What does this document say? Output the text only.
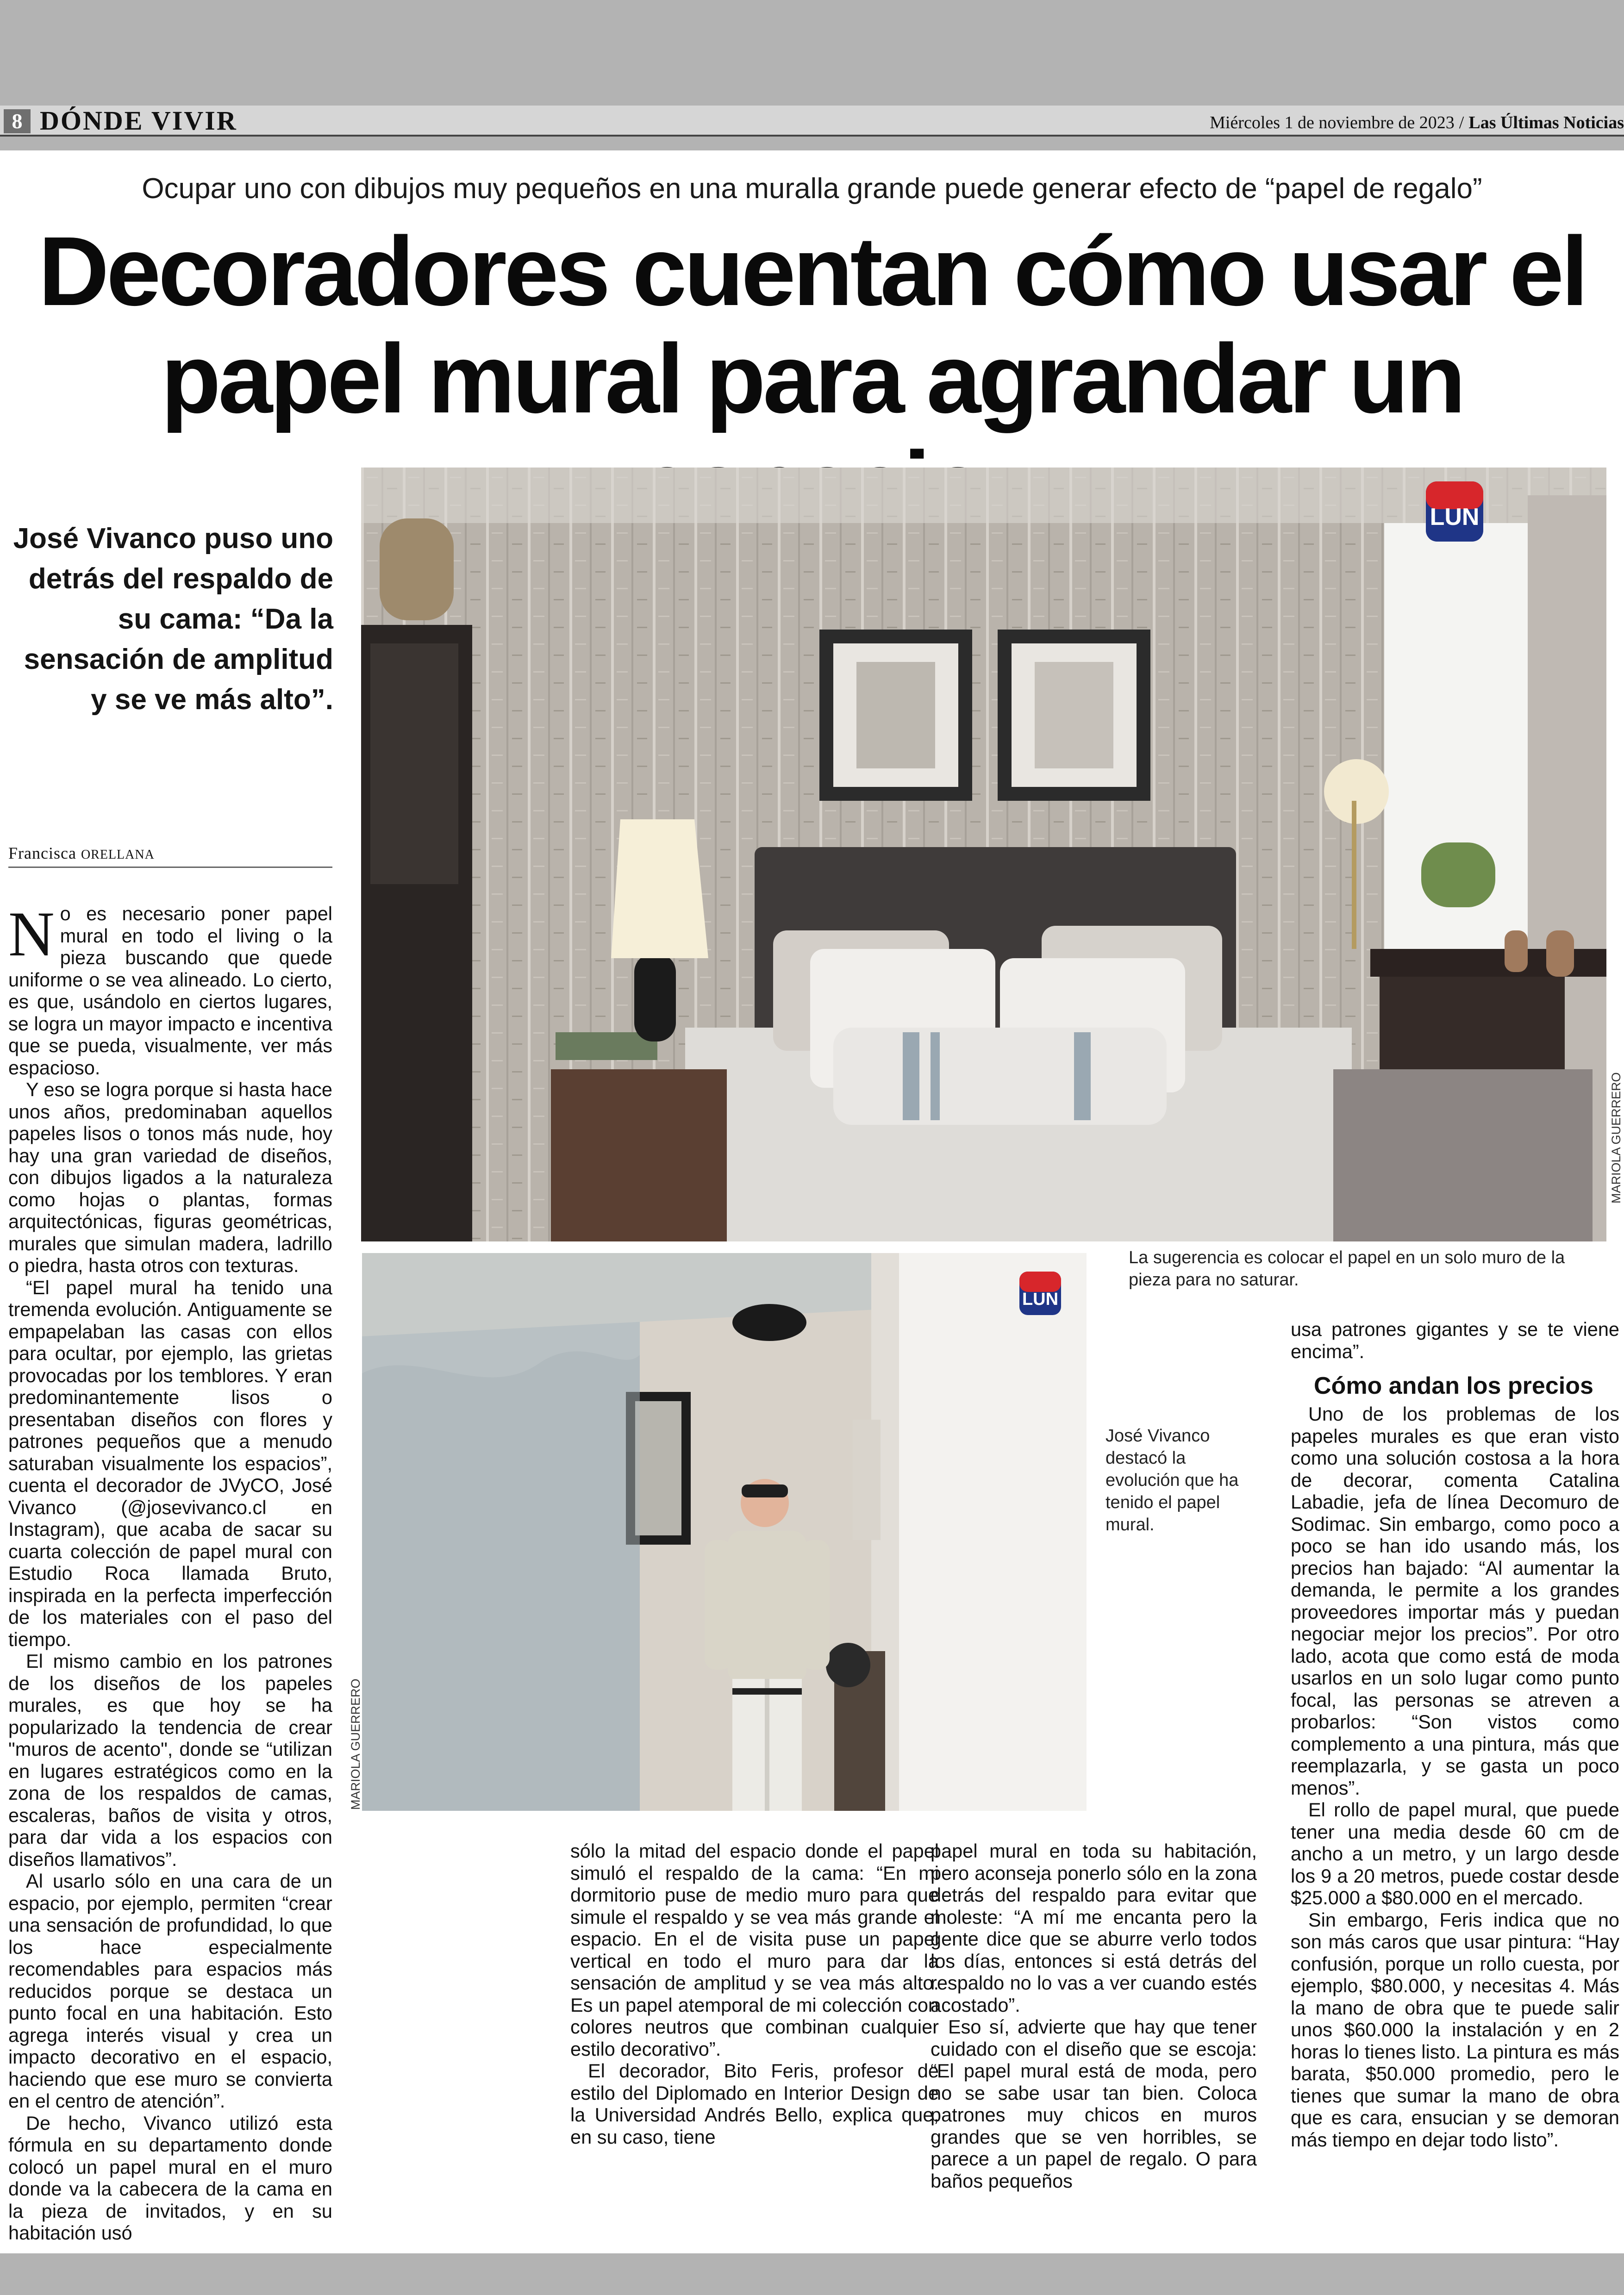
8 DÓNDE VIVIR	Miércoles 1 de noviembre de 2023 / Las Últimas Noticias
Ocupar uno con dibujos muy pequeños en una muralla grande puede generar efecto de “papel de regalo”
Decoradores cuentan cómo usar el
papel mural para agrandar un
José Vivanco puso uno detrás del respaldo de su cama: “Da la sensación de amplitud y se ve más alto”.
Francisca ORELLANA
LUN
MARIOLA GUERRERO
La sugerencia es colocar el papel en un solo muro de la pieza para no saturar.
LUN
MARIOLA GUERRERO
José Vivanco destacó la evolución que ha tenido el papel mural.

No es necesario poner papel mural en todo el living o la pieza buscando que quede uniforme o se vea alineado. Lo cierto, es que, usándolo en ciertos lugares, se logra un mayor impacto e incentiva que se pueda, visualmente, ver más espacioso.

Y eso se logra porque si hasta hace unos años, predominaban aquellos papeles lisos o tonos más nude, hoy hay una gran variedad de diseños, con dibujos ligados a la naturaleza como hojas o plantas, formas arquitectónicas, figuras geométricas, murales que simulan madera, ladrillo o piedra, hasta otros con texturas.

“El papel mural ha tenido una tremenda evolución. Antiguamente se empapelaban las casas con ellos para ocultar, por ejemplo, las grietas provocadas por los temblores. Y eran predominantemente lisos o presentaban diseños con flores y patrones pequeños que a menudo saturaban visualmente los espacios”, cuenta el decorador de JVyCO, José Vivanco (@josevivanco.cl en Instagram), que acaba de sacar su cuarta colección de papel mural con Estudio Roca llamada Bruto, inspirada en la perfecta imperfección de los materiales con el paso del tiempo.

El mismo cambio en los patrones de los diseños de los papeles murales, es que hoy se ha popularizado la tendencia de crear "muros de acento", donde se “utilizan en lugares estratégicos como en la zona de los respaldos de camas, escaleras, baños de visita y otros, para dar vida a los espacios con diseños llamativos”.

Al usarlo sólo en una cara de un espacio, por ejemplo, permiten “crear una sensación de profundidad, lo que los hace especialmente recomendables para espacios más reducidos porque se destaca un punto focal en una habitación. Esto agrega interés visual y crea un impacto decorativo en el espacio, haciendo que ese muro se convierta en el centro de atención”.

De hecho, Vivanco utilizó esta fórmula en su departamento donde colocó un papel mural en el muro donde va la cabecera de la cama en la pieza de invitados, y en su habitación usó

sólo la mitad del espacio donde el papel simuló el respaldo de la cama: “En mi dormitorio puse de medio muro para que simule el respaldo y se vea más grande el espacio. En el de visita puse un papel vertical en todo el muro para dar la sensación de amplitud y se vea más alto. Es un papel atemporal de mi colección con colores neutros que combinan cualquier estilo decorativo”.

El decorador, Bito Feris, profesor de estilo del Diplomado en Interior Design de la Universidad Andrés Bello, explica que, en su caso, tiene

papel mural en toda su habitación, pero aconseja ponerlo sólo en la zona detrás del respaldo para evitar que moleste: “A mí me encanta pero la gente dice que se aburre verlo todos los días, entonces si está detrás del respaldo no lo vas a ver cuando estés acostado”.

Eso sí, advierte que hay que tener cuidado con el diseño que se escoja: “El papel mural está de moda, pero no se sabe usar tan bien. Coloca patrones muy chicos en muros grandes que se ven horribles, se parece a un papel de regalo. O para baños pequeños

usa patrones gigantes y se te viene encima”.

Cómo andan los precios

Uno de los problemas de los papeles murales es que eran visto como una solución costosa a la hora de decorar, comenta Catalina Labadie, jefa de línea Decomuro de Sodimac. Sin embargo, como poco a poco se han ido usando más, los precios han bajado: “Al aumentar la demanda, le permite a los grandes proveedores importar más y puedan negociar mejor los precios”. Por otro lado, acota que como está de moda usarlos en un solo lugar como punto focal, las personas se atreven a probarlos: “Son vistos como complemento a una pintura, más que reemplazarla, y se gasta un poco menos”.

El rollo de papel mural, que puede tener una media desde 60 cm de ancho a un metro, y un largo desde los 9 a 20 metros, puede costar desde $25.000 a $80.000 en el mercado.

Sin embargo, Feris indica que no son más caros que usar pintura: “Hay confusión, porque un rollo cuesta, por ejemplo, $80.000, y necesitas 4. Más la mano de obra que te puede salir unos $60.000 la instalación y en 2 horas lo tienes listo. La pintura es más barata, $50.000 promedio, pero le tienes que sumar la mano de obra que es cara, ensucian y se demoran más tiempo en dejar todo listo”.
